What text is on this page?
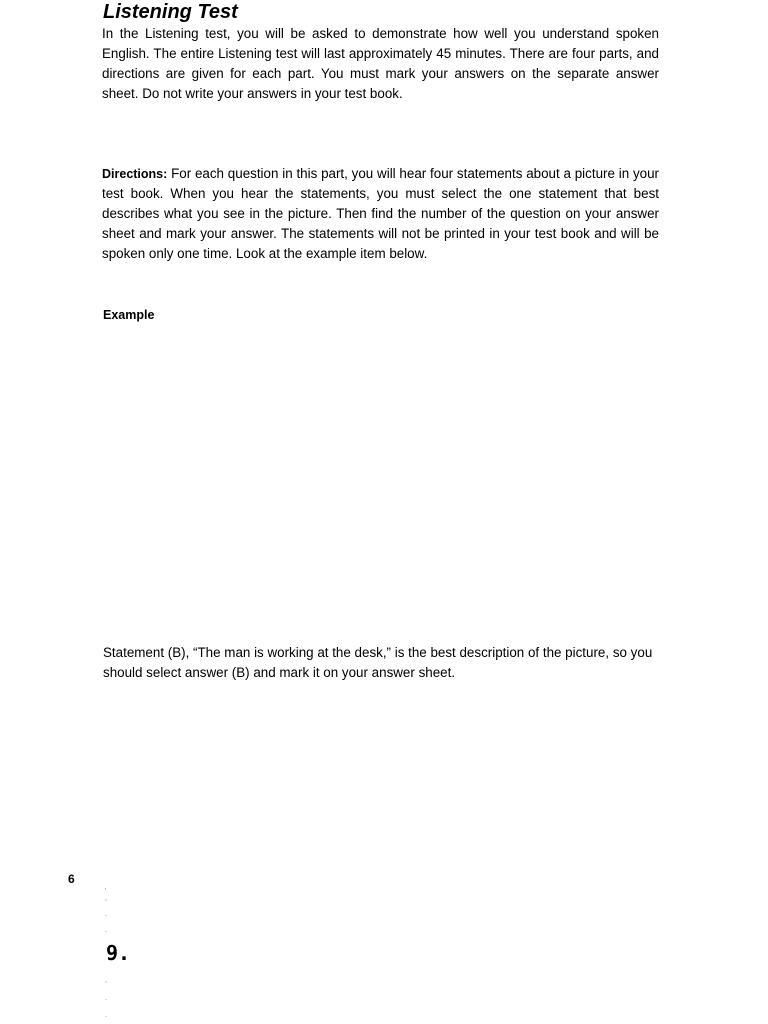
Listening Test

In the Listening test, you will be asked to demonstrate how well you understand spoken English. The entire Listening test will last approximately 45 minutes. There are four parts, and directions are given for each part. You must mark your answers on the separate answer sheet. Do not write your answers in your test book.

Directions: For each question in this part, you will hear four statements about a picture in your test book. When you hear the statements, you must select the one statement that best describes what you see in the picture. Then find the number of the question on your answer sheet and mark your answer. The statements will not be printed in your test book and will be spoken only one time. Look at the example item below.

Example

Statement (B), “The man is working at the desk,” is the best description of the picture, so you should select answer (B) and mark it on your answer sheet.

6
'
,
.
.
9.
,
.
.
